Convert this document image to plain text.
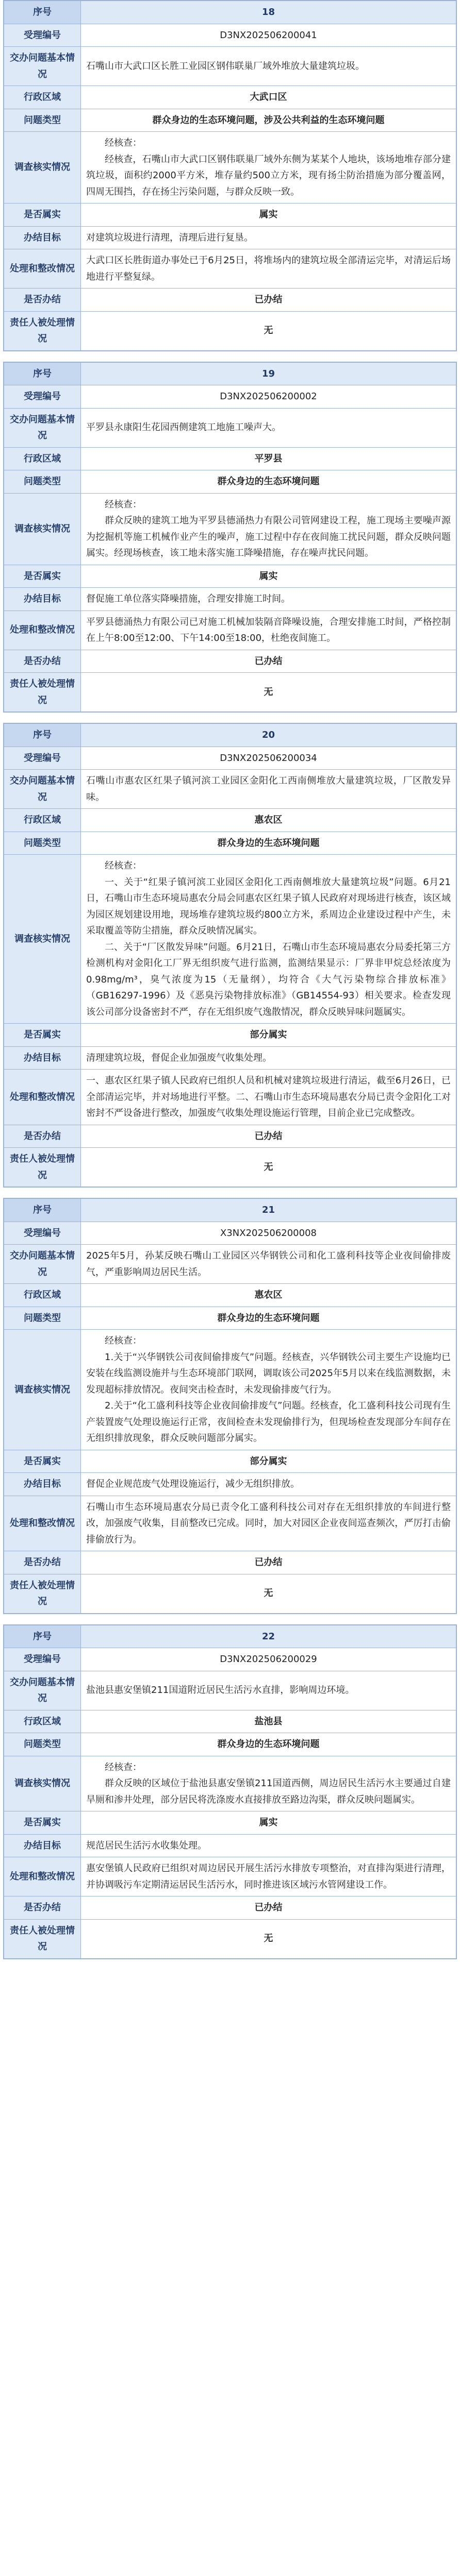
序号	18
受理编号	D3NX202506200041
交办问题基本情况	石嘴山市大武口区长胜工业园区钢伟联巢厂域外堆放大量建筑垃圾。
行政区域	大武口区
问题类型	群众身边的生态环境问题，涉及公共利益的生态环境问题
调查核实情况	经核查：
经核查，石嘴山市大武口区钢伟联巢厂域外东侧为某某个人地块，该场地堆存部分建筑垃圾，面积约2000平方米，堆存量约500立方米，现有扬尘防治措施为部分覆盖网，四周无围挡，存在扬尘污染问题，与群众反映一致。

是否属实	属实
办结目标	对建筑垃圾进行清理，清理后进行复垦。
处理和整改情况	大武口区长胜街道办事处已于6月25日，将堆场内的建筑垃圾全部清运完毕，对清运后场地进行平整复绿。
是否办结	已办结
责任人被处理情况	无
序号	19
受理编号	D3NX202506200002
交办问题基本情况	平罗县永康阳生花园西侧建筑工地施工噪声大。
行政区域	平罗县
问题类型	群众身边的生态环境问题
调查核实情况	经核查：
群众反映的建筑工地为平罗县德涌热力有限公司管网建设工程，施工现场主要噪声源为挖掘机等施工机械作业产生的噪声，施工过程中存在夜间施工扰民问题，群众反映问题属实。经现场核查，该工地未落实施工降噪措施，存在噪声扰民问题。

是否属实	属实
办结目标	督促施工单位落实降噪措施，合理安排施工时间。
处理和整改情况	平罗县德涌热力有限公司已对施工机械加装隔音降噪设施，合理安排施工时间，严格控制在上午8:00至12:00、下午14:00至18:00，杜绝夜间施工。
是否办结	已办结
责任人被处理情况	无
序号	20
受理编号	D3NX202506200034
交办问题基本情况	石嘴山市惠农区红果子镇河滨工业园区金阳化工西南侧堆放大量建筑垃圾，厂区散发异味。
行政区域	惠农区
问题类型	群众身边的生态环境问题
调查核实情况	经核查：
一、关于“红果子镇河滨工业园区金阳化工西南侧堆放大量建筑垃圾”问题。6月21日，石嘴山市生态环境局惠农分局会同惠农区红果子镇人民政府对现场进行核查，该区域为园区规划建设用地，现场堆存建筑垃圾约800立方米，系周边企业建设过程中产生，未采取覆盖等防尘措施，群众反映情况属实。
二、关于“厂区散发异味”问题。6月21日，石嘴山市生态环境局惠农分局委托第三方检测机构对金阳化工厂界无组织废气进行监测，监测结果显示：厂界非甲烷总烃浓度为0.98mg/m³，臭气浓度为15（无量纲），均符合《大气污染物综合排放标准》（GB16297-1996）及《恶臭污染物排放标准》（GB14554-93）相关要求。检查发现该公司部分设备密封不严，存在无组织废气逸散情况，群众反映异味问题属实。

是否属实	部分属实
办结目标	清理建筑垃圾，督促企业加强废气收集处理。
处理和整改情况	一、惠农区红果子镇人民政府已组织人员和机械对建筑垃圾进行清运，截至6月26日，已全部清运完毕，并对场地进行平整。二、石嘴山市生态环境局惠农分局已责令金阳化工对密封不严设备进行整改，加强废气收集处理设施运行管理，目前企业已完成整改。
是否办结	已办结
责任人被处理情况	无
序号	21
受理编号	X3NX202506200008
交办问题基本情况	2025年5月，孙某反映石嘴山工业园区兴华钢铁公司和化工盛利科技等企业夜间偷排废气，严重影响周边居民生活。
行政区域	惠农区
问题类型	群众身边的生态环境问题
调查核实情况	经核查：
1.关于“兴华钢铁公司夜间偷排废气”问题。经核查，兴华钢铁公司主要生产设施均已安装在线监测设施并与生态环境部门联网，调取该公司2025年5月以来在线监测数据，未发现超标排放情况。夜间突击检查时，未发现偷排废气行为。
2.关于“化工盛利科技等企业夜间偷排废气”问题。经核查，化工盛利科技公司现有生产装置废气处理设施运行正常，夜间检查未发现偷排行为，但现场检查发现部分车间存在无组织排放现象，群众反映问题部分属实。

是否属实	部分属实
办结目标	督促企业规范废气处理设施运行，减少无组织排放。
处理和整改情况	石嘴山市生态环境局惠农分局已责令化工盛利科技公司对存在无组织排放的车间进行整改，加强废气收集，目前整改已完成。同时，加大对园区企业夜间巡查频次，严厉打击偷排偷放行为。
是否办结	已办结
责任人被处理情况	无
序号	22
受理编号	D3NX202506200029
交办问题基本情况	盐池县惠安堡镇211国道附近居民生活污水直排，影响周边环境。
行政区域	盐池县
问题类型	群众身边的生态环境问题
调查核实情况	经核查：
群众反映的区域位于盐池县惠安堡镇211国道西侧，周边居民生活污水主要通过自建旱厕和渗井处理，部分居民将洗涤废水直接排放至路边沟渠，群众反映问题属实。

是否属实	属实
办结目标	规范居民生活污水收集处理。
处理和整改情况	惠安堡镇人民政府已组织对周边居民开展生活污水排放专项整治，对直排沟渠进行清理，并协调吸污车定期清运居民生活污水，同时推进该区域污水管网建设工作。
是否办结	已办结
责任人被处理情况	无
